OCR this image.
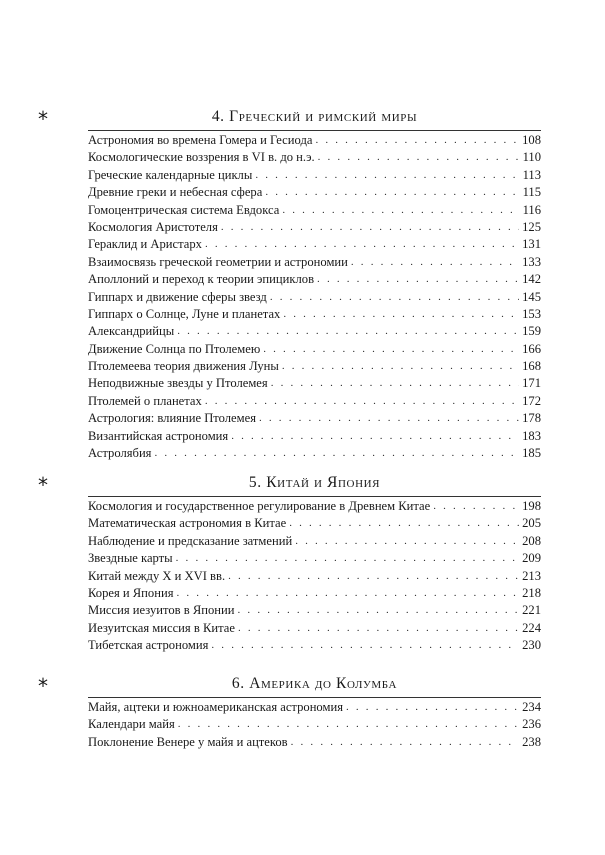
*	4. Греческий и римский миры
Астрономия во времена Гомера и Гесиода . . .	108
Космологические воззрения в VI в. до н.э. . . .	110
Греческие календарные циклы . . .	113
Древние греки и небесная сфера . . .	115
Гомоцентрическая система Евдокса . . .	116
Космология Аристотеля . . .	125
Гераклид и Аристарх . . .	131
Взаимосвязь греческой геометрии и астрономии . . .	133
Аполлоний и переход к теории эпициклов . . .	142
Гиппарх и движение сферы звезд . . .	145
Гиппарх о Солнце, Луне и планетах . . .	153
Александрийцы . . .	159
Движение Солнца по Птолемею . . .	166
Птолемеева теория движения Луны . . .	168
Неподвижные звезды у Птолемея . . .	171
Птолемей о планетах . . .	172
Астрология: влияние Птолемея . . .	178
Византийская астрономия . . .	183
Астролябия . . .	185
*	5. Китай и Япония
Космология и государственное регулирование в Древнем Китае . . .	198
Математическая астрономия в Китае . . .	205
Наблюдение и предсказание затмений . . .	208
Звездные карты . . .	209
Китай между X и XVI вв. . . .	213
Корея и Япония . . .	218
Миссия иезуитов в Японии . . .	221
Иезуитская миссия в Китае . . .	224
Тибетская астрономия . . .	230
*	6. Америка до Колумба
Майя, ацтеки и южноамериканская астрономия . . .	234
Календари майя . . .	236
Поклонение Венере у майя и ацтеков . . .	238
